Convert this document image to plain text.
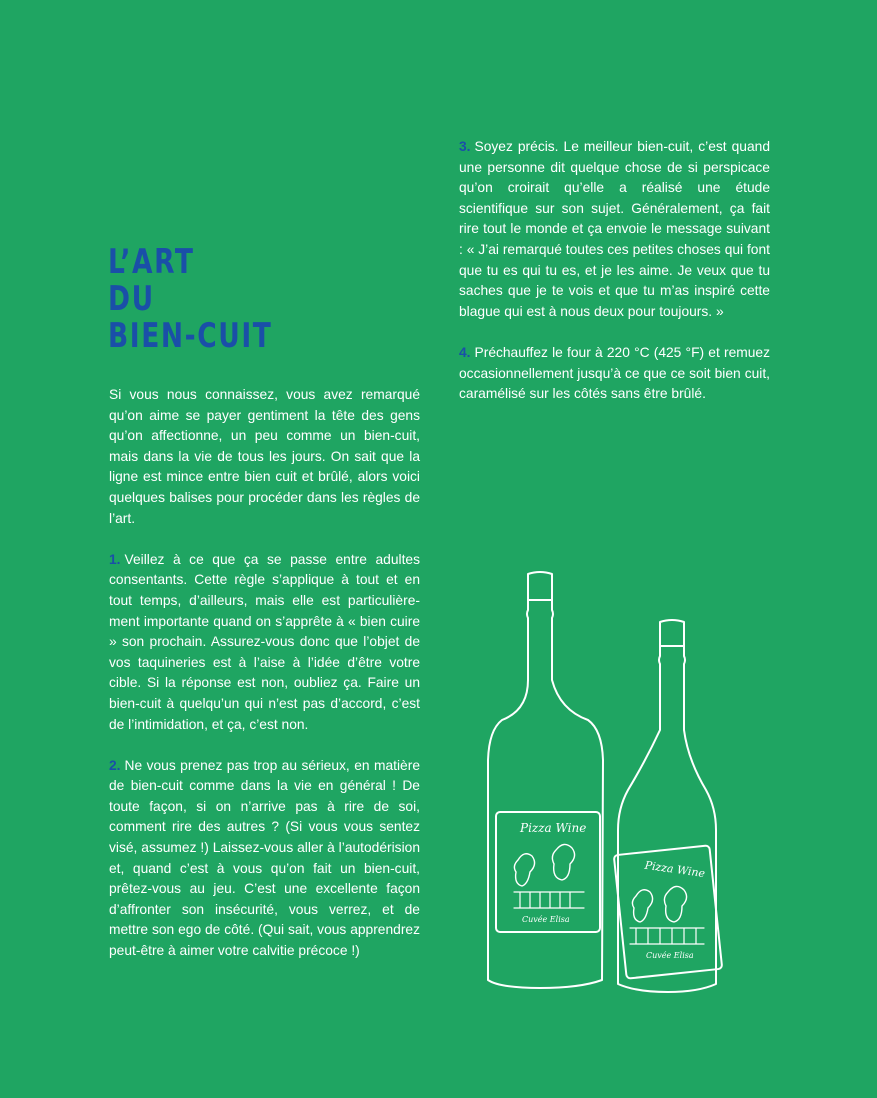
L’ART
DU
BIEN-CUIT

Si vous nous connaissez, vous avez remarqué qu’on aime se payer gentiment la tête des gens qu’on affectionne, un peu comme un bien-cuit, mais dans la vie de tous les jours. On sait que la ligne est mince entre bien cuit et brûlé, alors voici quelques balises pour procéder dans les règles de l’art.

1. Veillez à ce que ça se passe entre adultes consentants. Cette règle s’applique à tout et en tout temps, d’ailleurs, mais elle est particulièrement importante quand on s’apprête à « bien cuire » son prochain. Assurez-vous donc que l’objet de vos taquineries est à l’aise à l’idée d’être votre cible. Si la réponse est non, oubliez ça. Faire un bien-cuit à quelqu’un qui n’est pas d’accord, c’est de l’intimidation, et ça, c’est non.

2. Ne vous prenez pas trop au sérieux, en matière de bien-cuit comme dans la vie en général ! De toute façon, si on n’arrive pas à rire de soi, comment rire des autres ? (Si vous vous sentez visé, assumez !) Laissez-vous aller à l’autodérision et, quand c’est à vous qu’on fait un bien-cuit, prêtez-vous au jeu. C’est une excellente façon d’affronter son insécurité, vous verrez, et de mettre son ego de côté. (Qui sait, vous apprendrez peut-être à aimer votre calvitie précoce !)

3. Soyez précis. Le meilleur bien-cuit, c’est quand une personne dit quelque chose de si perspicace qu’on croirait qu’elle a réalisé une étude scientifique sur son sujet. Généralement, ça fait rire tout le monde et ça envoie le message suivant : « J’ai remarqué toutes ces petites choses qui font que tu es qui tu es, et je les aime. Je veux que tu saches que je te vois et que tu m’as inspiré cette blague qui est à nous deux pour toujours. »

4. Préchauffez le four à 220 °C (425 °F) et remuez occasionnellement jusqu’à ce que ce soit bien cuit, caramélisé sur les côtés sans être brûlé.

Pizza Wine
Cuvée Elisa
Pizza Wine
Cuvée Elisa
